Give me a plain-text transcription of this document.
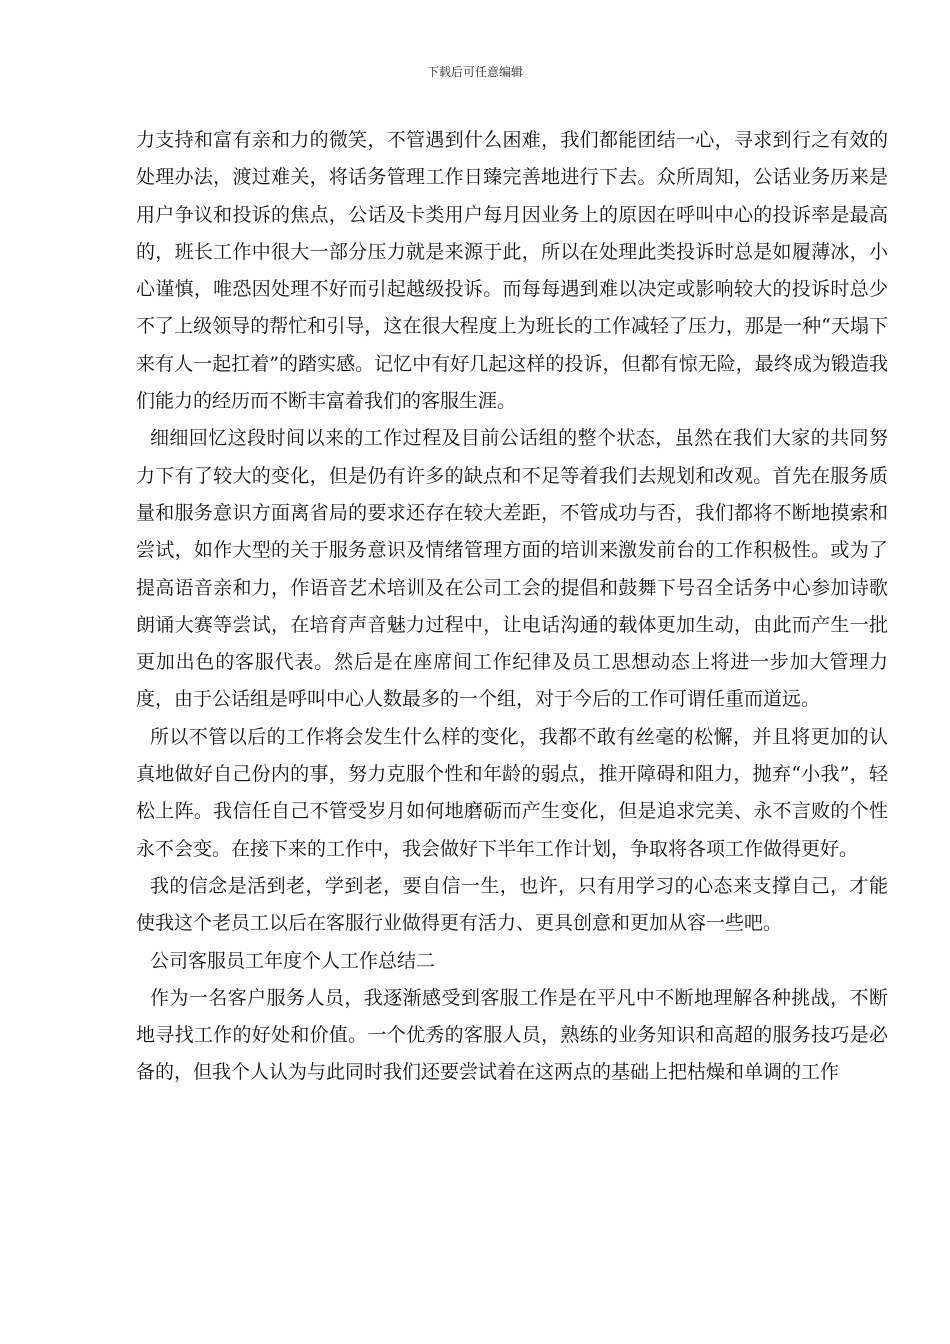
下载后可任意编辑

力支持和富有亲和力的微笑，不管遇到什么困难，我们都能团结一心，寻求到行之有效的处理办法，渡过难关，将话务管理工作日臻完善地进行下去。众所周知，公话业务历来是用户争议和投诉的焦点，公话及卡类用户每月因业务上的原因在呼叫中心的投诉率是最高的，班长工作中很大一部分压力就是来源于此，所以在处理此类投诉时总是如履薄冰，小心谨慎，唯恐因处理不好而引起越级投诉。而每每遇到难以决定或影响较大的投诉时总少不了上级领导的帮忙和引导，这在很大程度上为班长的工作减轻了压力，那是一种“天塌下来有人一起扛着”的踏实感。记忆中有好几起这样的投诉，但都有惊无险，最终成为锻造我们能力的经历而不断丰富着我们的客服生涯。

细细回忆这段时间以来的工作过程及目前公话组的整个状态，虽然在我们大家的共同努力下有了较大的变化，但是仍有许多的缺点和不足等着我们去规划和改观。首先在服务质量和服务意识方面离省局的要求还存在较大差距，不管成功与否，我们都将不断地摸索和尝试，如作大型的关于服务意识及情绪管理方面的培训来激发前台的工作积极性。或为了提高语音亲和力，作语音艺术培训及在公司工会的提倡和鼓舞下号召全话务中心参加诗歌朗诵大赛等尝试，在培育声音魅力过程中，让电话沟通的载体更加生动，由此而产生一批更加出色的客服代表。然后是在座席间工作纪律及员工思想动态上将进一步加大管理力度，由于公话组是呼叫中心人数最多的一个组，对于今后的工作可谓任重而道远。

所以不管以后的工作将会发生什么样的变化，我都不敢有丝毫的松懈，并且将更加的认真地做好自己份内的事，努力克服个性和年龄的弱点，推开障碍和阻力，抛弃“小我”，轻松上阵。我信任自己不管受岁月如何地磨砺而产生变化，但是追求完美、永不言败的个性永不会变。在接下来的工作中，我会做好下半年工作计划，争取将各项工作做得更好。

我的信念是活到老，学到老，要自信一生，也许，只有用学习的心态来支撑自己，才能使我这个老员工以后在客服行业做得更有活力、更具创意和更加从容一些吧。

公司客服员工年度个人工作总结二

作为一名客户服务人员，我逐渐感受到客服工作是在平凡中不断地理解各种挑战，不断地寻找工作的好处和价值。一个优秀的客服人员，熟练的业务知识和高超的服务技巧是必备的，但我个人认为与此同时我们还要尝试着在这两点的基础上把枯燥和单调的工作
